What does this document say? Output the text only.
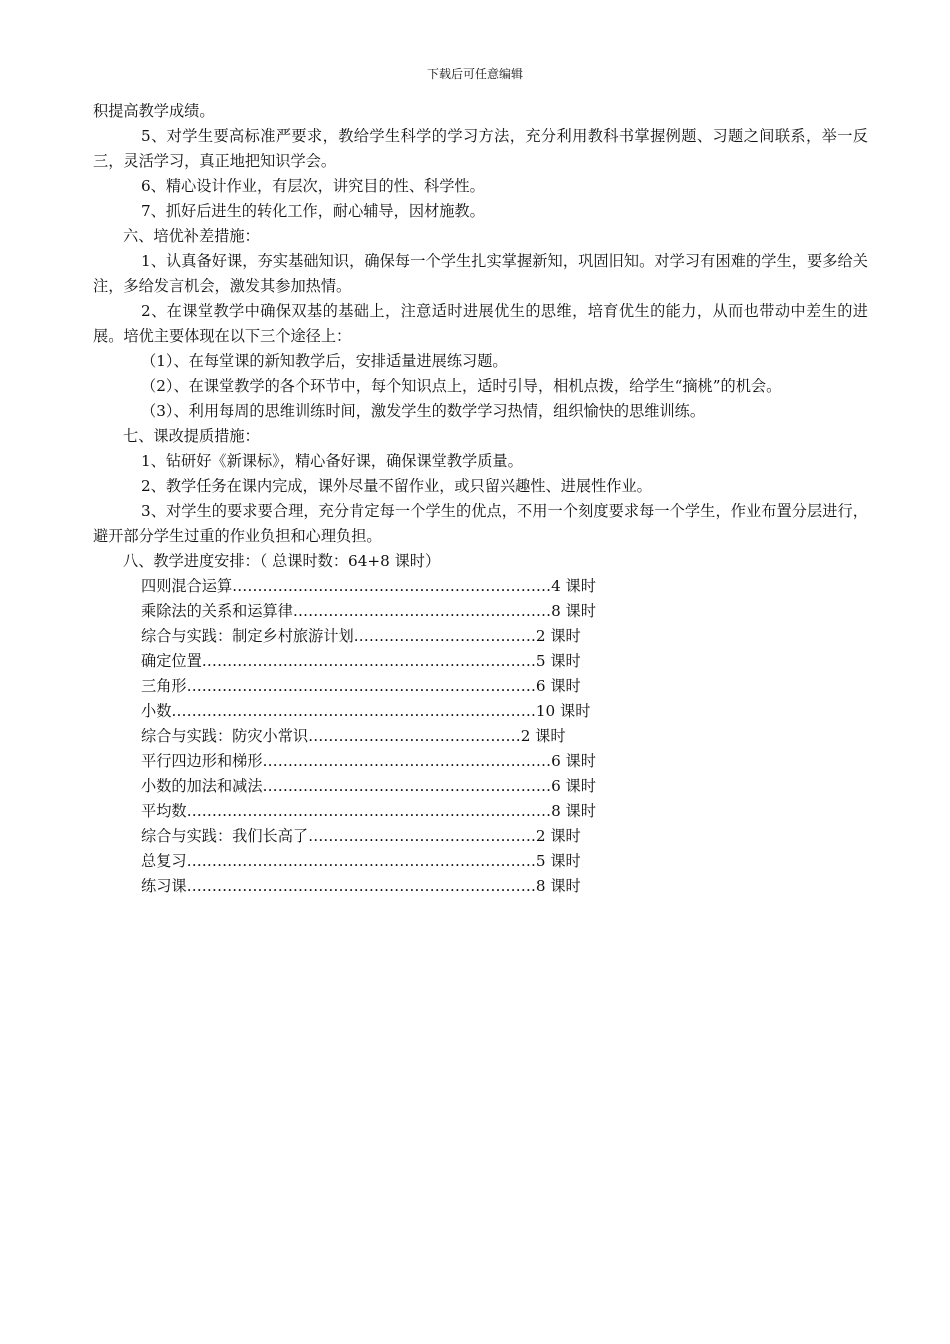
下载后可任意编辑

积提高教学成绩。

5、对学生要高标准严要求，教给学生科学的学习方法，充分利用教科书掌握例题、习题之间联系，举一反三，灵活学习，真正地把知识学会。

6、精心设计作业，有层次，讲究目的性、科学性。

7、抓好后进生的转化工作，耐心辅导，因材施教。

六、培优补差措施：

1、认真备好课，夯实基础知识，确保每一个学生扎实掌握新知，巩固旧知。对学习有困难的学生，要多给关注，多给发言机会，激发其参加热情。

2、在课堂教学中确保双基的基础上，注意适时进展优生的思维，培育优生的能力，从而也带动中差生的进展。培优主要体现在以下三个途径上：

（1）、在每堂课的新知教学后，安排适量进展练习题。

（2）、在课堂教学的各个环节中，每个知识点上，适时引导，相机点拨，给学生“摘桃”的机会。

（3）、利用每周的思维训练时间，激发学生的数学学习热情，组织愉快的思维训练。

七、课改提质措施：

1、钻研好《新课标》，精心备好课，确保课堂教学质量。

2、教学任务在课内完成，课外尽量不留作业，或只留兴趣性、进展性作业。

3、对学生的要求要合理，充分肯定每一个学生的优点，不用一个刻度要求每一个学生，作业布置分层进行，避开部分学生过重的作业负担和心理负担。

八、教学进度安排：（ 总课时数：64+8 课时）

四则混合运算………………………………………………………4 课时
乘除法的关系和运算律……………………………………………8 课时
综合与实践：制定乡村旅游计划………………………………2 课时
确定位置…………………………………………………………5 课时
三角形……………………………………………………………6 课时
小数………………………………………………………………10 课时
综合与实践：防灾小常识……………………………………2 课时
平行四边形和梯形…………………………………………………6 课时
小数的加法和减法…………………………………………………6 课时
平均数………………………………………………………………8 课时
综合与实践：我们长高了………………………………………2 课时
总复习……………………………………………………………5 课时
练习课……………………………………………………………8 课时
